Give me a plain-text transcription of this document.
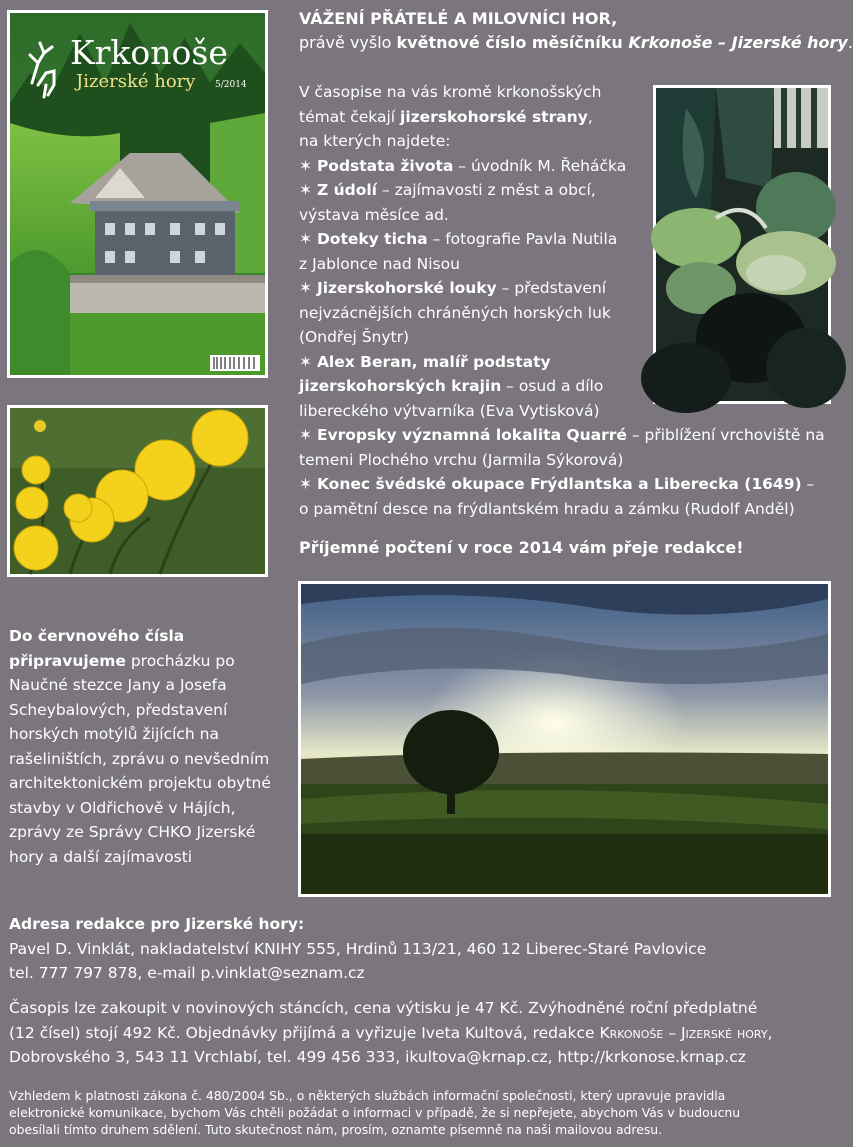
Krkonoše
Jizerské hory 5/2014
VÁŽENÍ PŘÁTELÉ A MILOVNÍCI HOR,
právě vyšlo květnové číslo měsíčníku Krkonoše – Jizerské hory.
V časopise na vás kromě krkonošských
témat čekají jizerskohorské strany,
na kterých najdete:
✶ Podstata života – úvodník M. Řeháčka
✶ Z údolí – zajímavosti z měst a obcí,
výstava měsíce ad.
✶ Doteky ticha – fotografie Pavla Nutila
z Jablonce nad Nisou
✶ Jizerskohorské louky – představení
nejvzácnějších chráněných horských luk
(Ondřej Šnytr)
✶ Alex Beran, malíř podstaty
jizerskohorských krajin – osud a dílo
libereckého výtvarníka (Eva Vytisková)
✶ Evropsky významná lokalita Quarré – přiblížení vrchoviště na
temeni Plochého vrchu (Jarmila Sýkorová)
✶ Konec švédské okupace Frýdlantska a Liberecka (1649) –
o pamětní desce na frýdlantském hradu a zámku (Rudolf Anděl)
Příjemné počtení v roce 2014 vám přeje redakce!
Do červnového čísla připravujeme procházku po Naučné stezce Jany a Josefa Scheybalových, představení horských motýlů žijících na rašeliništích, zprávu o nevšedním architektonickém projektu obytné stavby v Oldřichově v Hájích, zprávy ze Správy CHKO Jizerské hory a další zajímavosti
Adresa redakce pro Jizerské hory:
Pavel D. Vinklát, nakladatelství KNIHY 555, Hrdinů 113/21, 460 12 Liberec-Staré Pavlovice
tel. 777 797 878, e-mail p.vinklat@seznam.cz
Časopis lze zakoupit v novinových stáncích, cena výtisku je 47 Kč. Zvýhodněné roční předplatné
(12 čísel) stojí 492 Kč. Objednávky přijímá a vyřizuje Iveta Kultová, redakce Krkonoše – Jizerské hory,
Dobrovského 3, 543 11 Vrchlabí, tel. 499 456 333, ikultova@krnap.cz, http://krkonose.krnap.cz
Vzhledem k platnosti zákona č. 480/2004 Sb., o některých službách informační společnosti, který upravuje pravidla
elektronické komunikace, bychom Vás chtěli požádat o informaci v případě, že si nepřejete, abychom Vás v budoucnu
obesílali tímto druhem sdělení. Tuto skutečnost nám, prosím, oznamte písemně na naši mailovou adresu.
